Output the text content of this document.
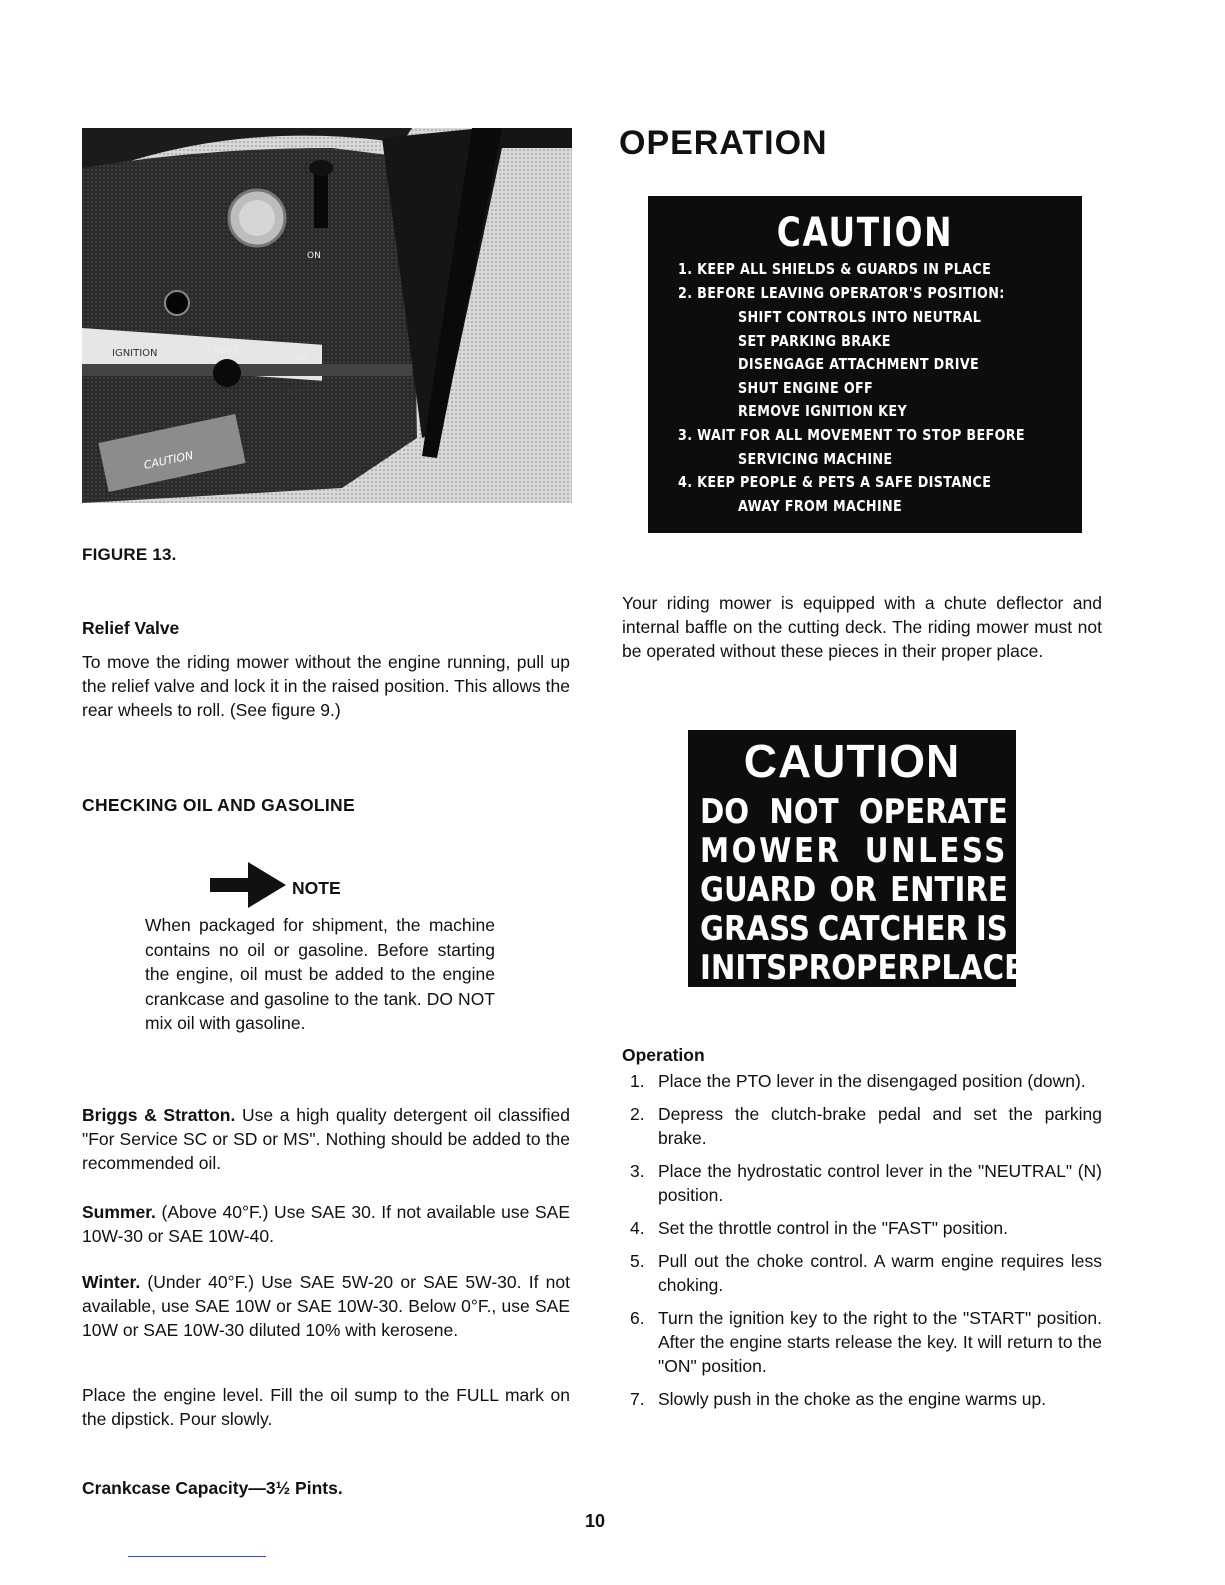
IGNITION	CHOKE
OFF
ON
DECK
CAUTION
FIGURE 13.
Relief Valve
To move the riding mower without the engine running, pull up the relief valve and lock it in the raised position. This allows the rear wheels to roll. (See figure 9.)
CHECKING OIL AND GASOLINE
NOTE
When packaged for shipment, the machine contains no oil or gasoline. Before starting the engine, oil must be added to the engine crankcase and gasoline to the tank. DO NOT mix oil with gasoline.
Briggs & Stratton. Use a high quality detergent oil classified "For Service SC or SD or MS". Nothing should be added to the recommended oil.
Summer. (Above 40°F.) Use SAE 30. If not available use SAE 10W-30 or SAE 10W-40.
Winter. (Under 40°F.) Use SAE 5W-20 or SAE 5W-30. If not available, use SAE 10W or SAE 10W-30. Below 0°F., use SAE 10W or SAE 10W-30 diluted 10% with kerosene.
Place the engine level. Fill the oil sump to the FULL mark on the dipstick. Pour slowly.
Crankcase Capacity—3½ Pints.
OPERATION
CAUTION
1. KEEP ALL SHIELDS & GUARDS IN PLACE
2. BEFORE LEAVING OPERATOR'S POSITION:
SHIFT CONTROLS INTO NEUTRAL
SET PARKING BRAKE
DISENGAGE ATTACHMENT DRIVE
SHUT ENGINE OFF
REMOVE IGNITION KEY
3. WAIT FOR ALL MOVEMENT TO STOP BEFORE
SERVICING MACHINE
4. KEEP PEOPLE & PETS A SAFE DISTANCE
AWAY FROM MACHINE
Your riding mower is equipped with a chute deflector and internal baffle on the cutting deck. The riding mower must not be operated without these pieces in their proper place.
CAUTION
DO NOT OPERATE
MOWER UNLESS
GUARD OR ENTIRE
GRASS CATCHER IS
IN ITS PROPER PLACE.
Operation
1. Place the PTO lever in the disengaged position (down).
2. Depress the clutch-brake pedal and set the parking brake.
3. Place the hydrostatic control lever in the "NEUTRAL" (N) position.
4. Set the throttle control in the "FAST" position.
5. Pull out the choke control. A warm engine requires less choking.
6. Turn the ignition key to the right to the "START" position. After the engine starts release the key. It will return to the "ON" position.
7. Slowly push in the choke as the engine warms up.
10
